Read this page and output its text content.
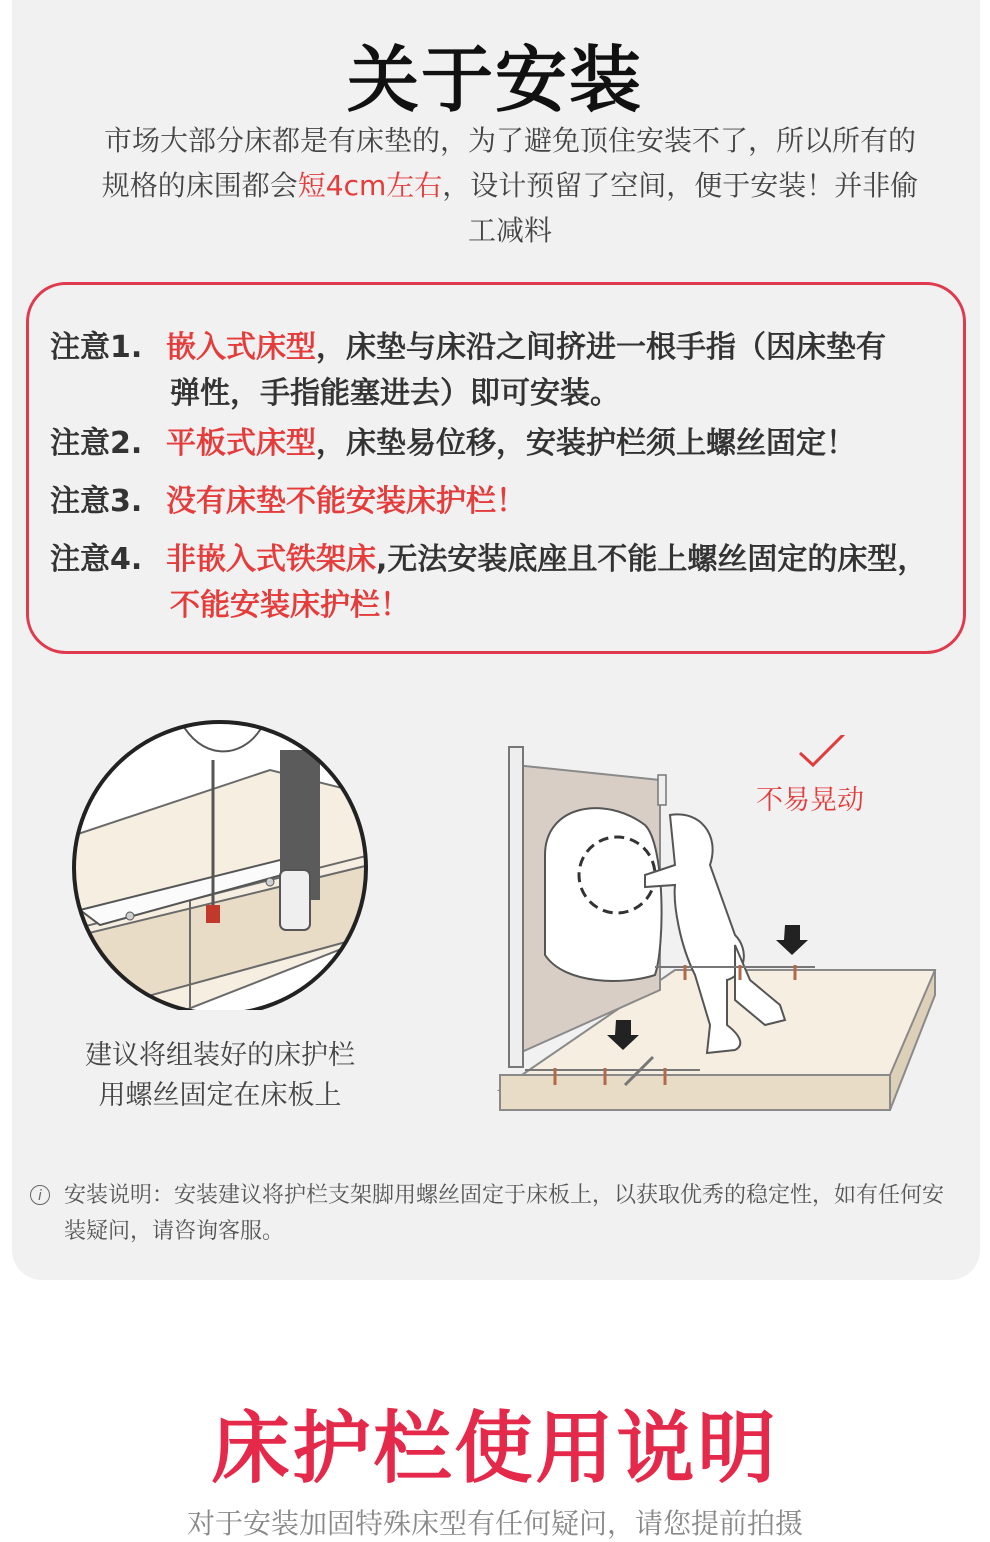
关于安装
市场大部分床都是有床垫的，为了避免顶住安装不了，所以所有的规格的床围都会短4cm左右，设计预留了空间，便于安装！并非偷工减料
注意1. 嵌入式床型，床垫与床沿之间挤进一根手指（因床垫有
弹性，手指能塞进去）即可安装。
注意2. 平板式床型，床垫易位移，安装护栏须上螺丝固定！
注意3. 没有床垫不能安装床护栏！
注意4. 非嵌入式铁架床,无法安装底座且不能上螺丝固定的床型，
不能安装床护栏！
建议将组装好的床护栏
用螺丝固定在床板上
不易晃动
i	安装说明：安装建议将护栏支架脚用螺丝固定于床板上，以获取优秀的稳定性，如有任何安装疑问，请咨询客服。
床护栏使用说明
对于安装加固特殊床型有任何疑问，请您提前拍摄
